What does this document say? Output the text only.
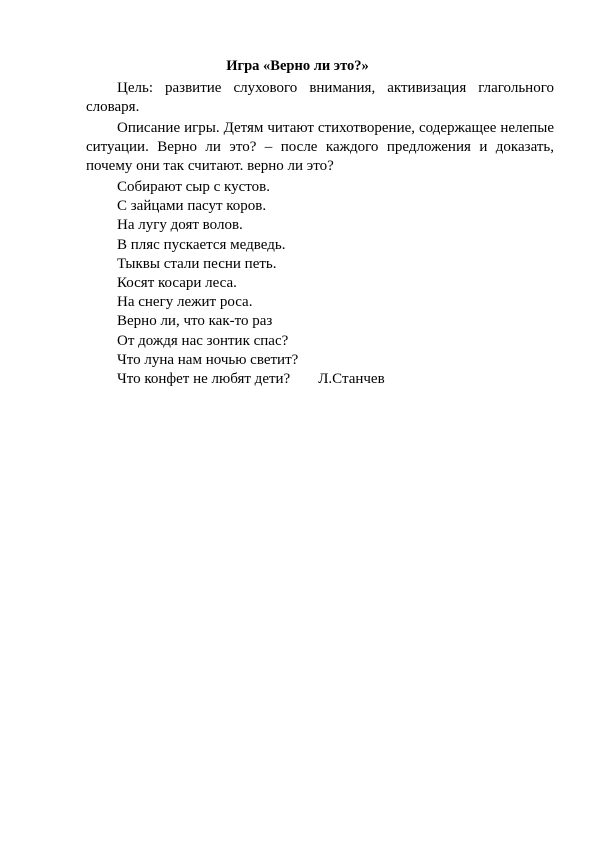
Игра «Верно ли это?»

Цель: развитие слухового внимания, активизация глагольного словаря.

Описание игры. Детям читают стихотворение, содержащее нелепые ситуации. Верно ли это? – после каждого предложения и доказать, почему они так считают. верно ли это?

Собирают сыр с кустов.
С зайцами пасут коров.
На лугу доят волов.
В пляс пускается медведь.
Тыквы стали песни петь.
Косят косари леса.
На снегу лежит роса.
Верно ли, что как-то раз
От дождя нас зонтик спас?
Что луна нам ночью светит?
Что конфет не любят дети? Л.Станчев
